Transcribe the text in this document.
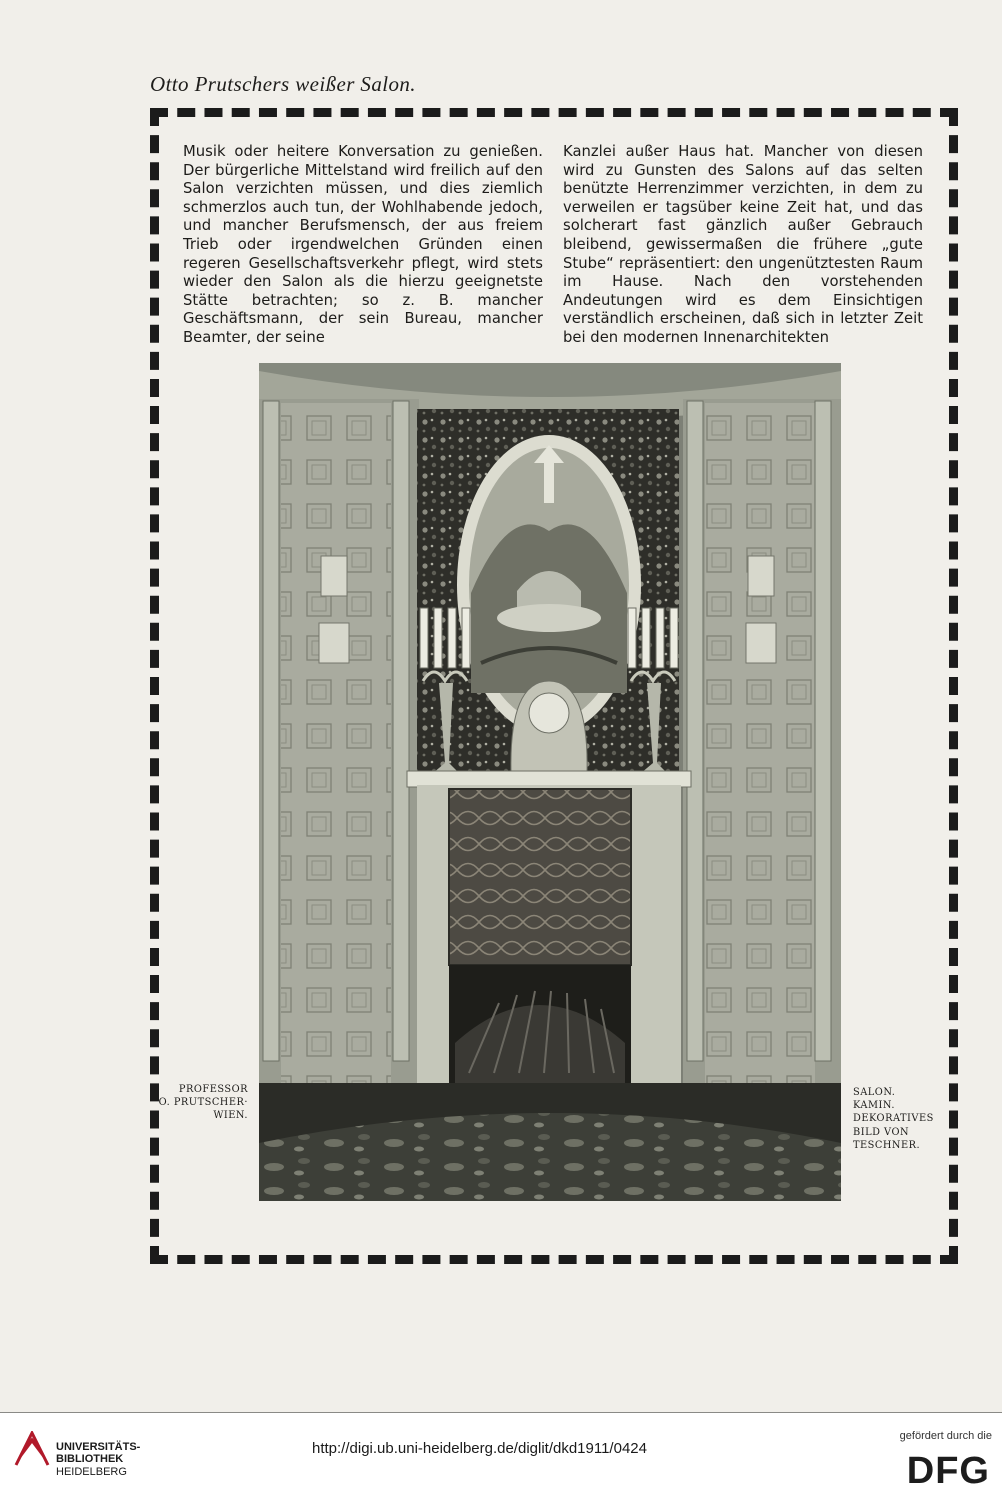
Otto Prutschers weißer Salon.

Musik oder heitere Konversation zu genießen. Der bürgerliche Mittelstand wird freilich auf den Salon verzichten müssen, und dies ziemlich schmerzlos auch tun, der Wohlhabende jedoch, und mancher Berufsmensch, der aus freiem Trieb oder irgendwelchen Gründen einen regeren Gesellschaftsverkehr pflegt, wird stets wieder den Salon als die hierzu geeignetste Stätte betrachten; so z. B. mancher Geschäftsmann, der sein Bureau, mancher Beamter, der seine

Kanzlei außer Haus hat. Mancher von diesen wird zu Gunsten des Salons auf das selten benützte Herrenzimmer verzichten, in dem zu verweilen er tagsüber keine Zeit hat, und das solcherart fast gänzlich außer Gebrauch bleibend, gewissermaßen die frühere „gute Stube“ repräsentiert: den ungenütztesten Raum im Hause. Nach den vorstehenden Andeutungen wird es dem Einsichtigen verständlich erscheinen, daß sich in letzter Zeit bei den modernen Innenarchitekten

PROFESSOR
O. PRUTSCHER·
WIEN.
SALON.
KAMIN.
DEKORATIVES
BILD VON
TESCHNER.
UNIVERSITÄTS-
BIBLIOTHEK
HEIDELBERG
http://digi.ub.uni-heidelberg.de/diglit/dkd1911/0424
gefördert durch die
DFG
